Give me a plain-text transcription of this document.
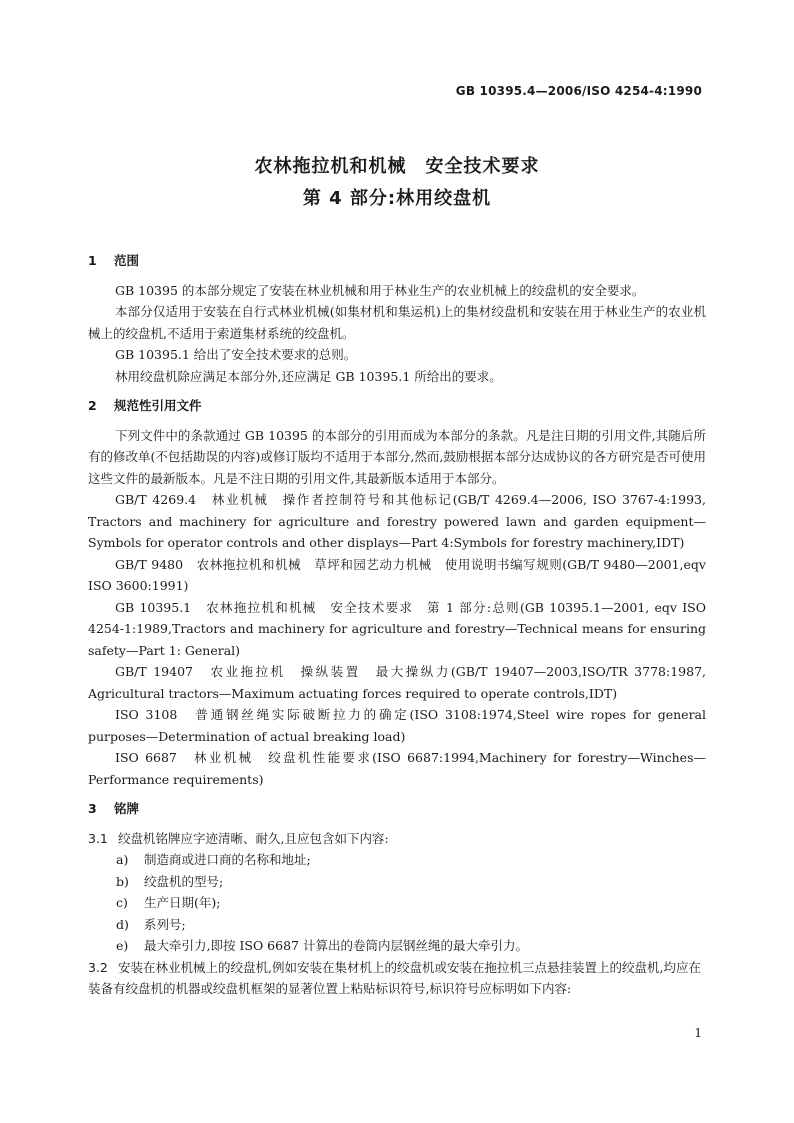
GB 10395.4—2006/ISO 4254-4:1990
农林拖拉机和机械　安全技术要求
第 4 部分:林用绞盘机
1 范围

GB 10395 的本部分规定了安装在林业机械和用于林业生产的农业机械上的绞盘机的安全要求。

本部分仅适用于安装在自行式林业机械(如集材机和集运机)上的集材绞盘机和安装在用于林业生产的农业机械上的绞盘机,不适用于索道集材系统的绞盘机。

GB 10395.1 给出了安全技术要求的总则。

林用绞盘机除应满足本部分外,还应满足 GB 10395.1 所给出的要求。

2 规范性引用文件

下列文件中的条款通过 GB 10395 的本部分的引用而成为本部分的条款。凡是注日期的引用文件,其随后所有的修改单(不包括勘误的内容)或修订版均不适用于本部分,然而,鼓励根据本部分达成协议的各方研究是否可使用这些文件的最新版本。凡是不注日期的引用文件,其最新版本适用于本部分。

GB/T 4269.4　林业机械　操作者控制符号和其他标记(GB/T 4269.4—2006, ISO 3767-4:1993, Tractors and machinery for agriculture and forestry powered lawn and garden equipment—Symbols for operator controls and other displays—Part 4:Symbols for forestry machinery,IDT)

GB/T 9480　农林拖拉机和机械　草坪和园艺动力机械　使用说明书编写规则(GB/T 9480—2001,eqv ISO 3600:1991)

GB 10395.1　农林拖拉机和机械　安全技术要求　第 1 部分:总则(GB 10395.1—2001, eqv ISO 4254-1:1989,Tractors and machinery for agriculture and forestry—Technical means for ensuring safety—Part 1: General)

GB/T 19407　农业拖拉机　操纵装置　最大操纵力(GB/T 19407—2003,ISO/TR 3778:1987, Agricultural tractors—Maximum actuating forces required to operate controls,IDT)

ISO 3108　普通钢丝绳实际破断拉力的确定(ISO 3108:1974,Steel wire ropes for general purposes—Determination of actual breaking load)

ISO 6687　林业机械　绞盘机性能要求(ISO 6687:1994,Machinery for forestry—Winches—Performance requirements)

3 铭牌

3.1 绞盘机铭牌应字迹清晰、耐久,且应包含如下内容:

a) 制造商或进口商的名称和地址;

b) 绞盘机的型号;

c) 生产日期(年);

d) 系列号;

e) 最大牵引力,即按 ISO 6687 计算出的卷筒内层钢丝绳的最大牵引力。

3.2 安装在林业机械上的绞盘机,例如安装在集材机上的绞盘机或安装在拖拉机三点悬挂装置上的绞盘机,均应在装备有绞盘机的机器或绞盘机框架的显著位置上粘贴标识符号,标识符号应标明如下内容:

1
